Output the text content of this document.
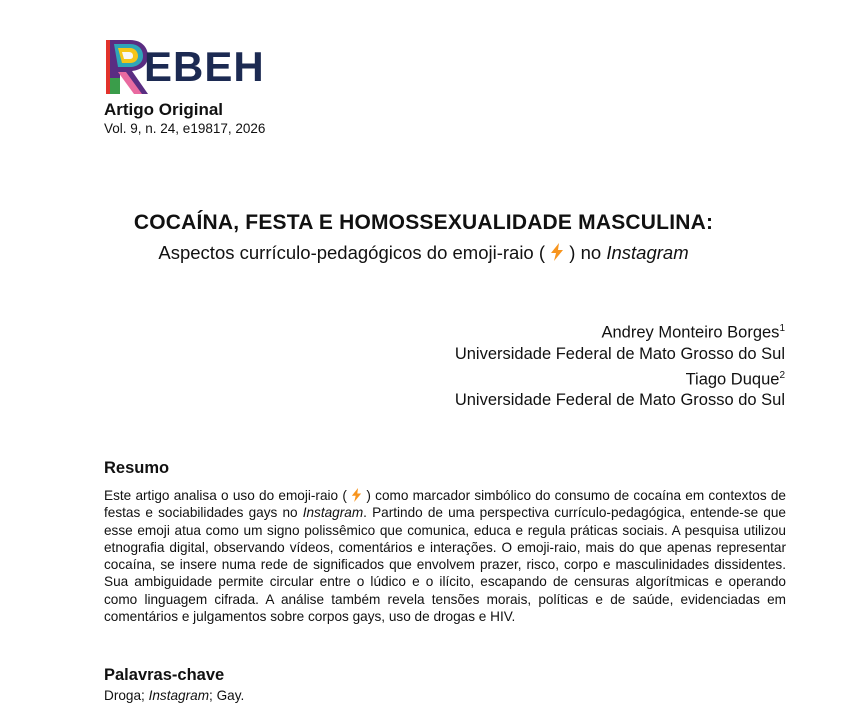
EBEH
Artigo Original
Vol. 9, n. 24, e19817, 2026
COCAÍNA, FESTA E HOMOSSEXUALIDADE MASCULINA:
Aspectos currículo-pedagógicos do emoji-raio (  ) no Instagram
Andrey Monteiro Borges$^1$
Universidade Federal de Mato Grosso do Sul
Tiago Duque$^2$
Universidade Federal de Mato Grosso do Sul
Resumo
Este artigo analisa o uso do emoji-raio (  ) como marcador simbólico do consumo de cocaína em contextos de festas e sociabilidades gays no Instagram. Partindo de uma perspectiva currículo-pedagógica, entende-se que esse emoji atua como um signo polissêmico que comunica, educa e regula práticas sociais. A pesquisa utilizou etnografia digital, observando vídeos, comentários e interações. O emoji-raio, mais do que apenas representar cocaína, se insere numa rede de significados que envolvem prazer, risco, corpo e masculinidades dissidentes. Sua ambiguidade permite circular entre o lúdico e o ilícito, escapando de censuras algorítmicas e operando como linguagem cifrada. A análise também revela tensões morais, políticas e de saúde, evidenciadas em comentários e julgamentos sobre corpos gays, uso de drogas e HIV.
Palavras-chave
Droga; Instagram; Gay.
